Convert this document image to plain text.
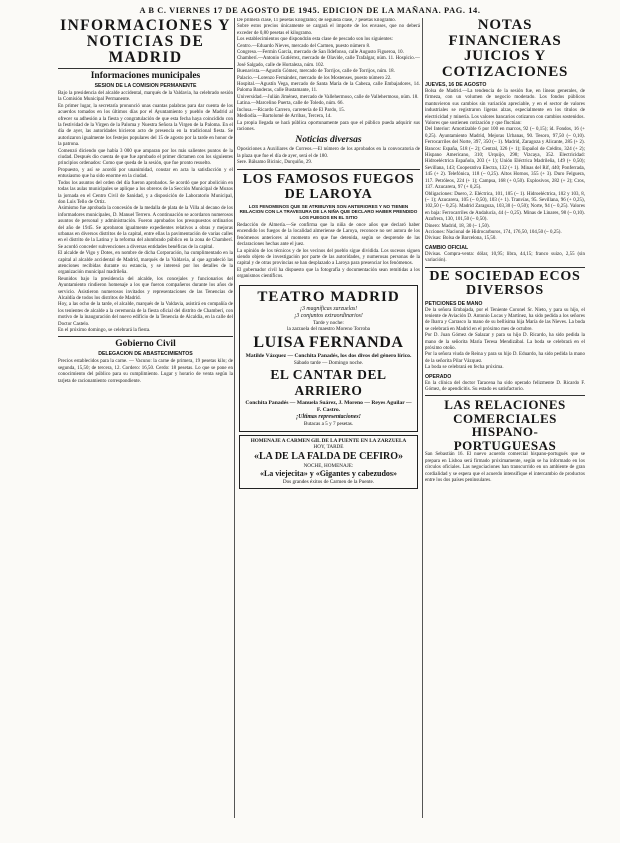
A B C. VIERNES 17 DE AGOSTO DE 1945. EDICION DE LA MAÑANA. PAG. 14.
INFORMACIONES Y NOTICIAS DE MADRID
Informaciones municipales
SESION DE LA COMISION PERMANENTE

Bajo la presidencia del alcalde accidental, marqués de la Valdavia, ha celebrado sesión la Comisión Municipal Permanente.

En primer lugar, la secretaría pronunció unas cuantas palabras para dar cuenta de los acuerdos tomados en los últimos días por el Ayuntamiento y pueblo de Madrid al ofrecer su adhesión a la fiesta y congratulación de que esta fecha haya coincidido con la festividad de la Virgen de la Paloma y Nuestra Señora la Virgen de la Paloma. En el día de ayer, las autoridades hicieron acto de presencia en la tradicional fiesta. Se autorizaron igualmente los festejos populares del 15 de agosto por la tarde en honor de la patrona.

Comenzó diciendo que había 3 000 que amparan por los más salientes puntos de la ciudad. Después dio cuenta de que fue aprobado el primer dictamen con los siguientes principios ordenados: Como que queda de la sesión, que fue pronto resuelto.

Propuesto, y así se acordó por unanimidad, constar en acta la satisfacción y el entusiasmo que ha sido enorme en la ciudad.

Todos los asuntos del orden del día fueron aprobados. Se acordó que por abolición en todas las aulas municipales se aplique a los obreros de la Sección Municipal de Mozos la jornada en el Centro Civil de Sanidad, y a disposición de Laboratorio Municipal, don Luis Tello de Ortiz.

Asimismo fue aprobada la concesión de la medalla de plata de la Villa al decano de los informadores municipales, D. Manuel Terrero. A continuación se acordaron numerosos asuntos de personal y administración. Fueron aprobados los presupuestos ordinarios del año de 1945. Se aprobaron igualmente expedientes relativos a obras y mejoras urbanas en diversos distritos de la capital, entre ellas la pavimentación de varias calles en el distrito de la Latina y la reforma del alumbrado público en la zona de Chamberí. Se acordó conceder subvenciones a diversas entidades benéficas de la capital.

El alcalde de Vigo y Dotes, en nombre de dicha Corporación, ha cumplimentado en la capital al alcalde accidental de Madrid, marqués de la Valdavia, al que agradeció las atenciones recibidas durante su estancia, y se interesó por los detalles de la organización municipal madrileña.

Reunidos bajo la presidencia del alcalde, los concejales y funcionarios del Ayuntamiento rindieron homenaje a los que fueron compañeros durante los años de servicio. Asistieron numerosos invitados y representaciones de las Tenencias de Alcaldía de todos los distritos de Madrid.

Hoy, a las ocho de la tarde, el alcalde, marqués de la Valdavia, asistirá en compañía de los tenientes de alcalde a la ceremonia de la fiesta oficial del distrito de Chamberí, con motivo de la inauguración del nuevo edificio de la Tenencia de Alcaldía, en la calle del Doctor Castelo.

En el próximo domingo, se celebrará la fiesta.

Gobierno Civil
DELEGACION DE ABASTECIMIENTOS

Precios establecidos para la carne. — Vacuno: la carne de primera, 19 pesetas kilo; de segunda, 15,50; de tercera, 12. Cordero: 16,50. Cerdo: 18 pesetas. Lo que se pone en conocimiento del público para su cumplimiento. Lugar y horario de venta según la tarjeta de racionamiento correspondiente.

De primera clase, 11 pesetas kilogramo; de segunda clase, 7 pesetas kilogramo.

Sobre estos precios únicamente se cargará el importe de los envases, que no deberá exceder de 0,80 pesetas el kilogramo.

Los establecimientos que dispondrán esta clase de pescado son los siguientes:

Centro.—Eduardo Nieves, mercado del Carmen, puesto número 8.

Congreso.—Fermín García, mercado de San Ildefonso, calle Augusto Figueroa, 10.

Chamberí.—Antonio Gutiérrez, mercado de Olavide, calle Trafalgar, núm. 11. Hospicio.—José Salgado, calle de Hortaleza, núm. 102.

Buenavista.—Agustín Gómez, mercado de Torrijos, calle de Torrijos, núm. 18.

Palacio.—Lorenzo Fernández, mercado de los Mostenses, puesto número 22.

Hospital.—Agustín Vega, mercado de Santa María de la Cabeza, calle Embajadores, 14. Paloma Banderas, calle Bustamante, 11.

Universidad.—Julián Jiménez, mercado de Vallehermoso, calle de Vallehermoso, núm. 18.

Latina.—Marcelino Puerta, calle de Toledo, núm. 66.

Inclusa.—Ricardo Carrero, carretería de El Pardo, 15.

Mediodía.—Bartolomé de Arribas, Tercera, 14.

La propia llegada se hará pública oportunamente para que el público pueda adquirir sus raciones.

Noticias diversas

Oposiciones a Auxiliares de Correos.—El número de los aprobados en la convocatoria de la plaza que fue el día de ayer, será el de 180.

Sere. Bálsamo Bicinic, Durquiño, 29.

LOS FAMOSOS FUEGOS DE LAROYA
LOS FENOMENOS QUE SE ATRIBUYEN SON ANTERIORES Y NO TIENEN RELACION CON LA TRAVESURA DE LA NIÑA QUE DECLARO HABER PRENDIDO LOS FUEGOS EN EL SITIO

Redacción de Almería.—Se confirma que la niña de once años que declaró haber encendido los fuegos de la localidad almeriense de Laroya, reconoce no ser autora de los fenómenos anteriores al momento en que fue detenida, según se desprende de las declaraciones hechas ante el juez.

La opinión de los técnicos y de los vecinos del pueblo sigue dividida. Los sucesos siguen siendo objeto de investigación por parte de las autoridades, y numerosas personas de la capital y de otras provincias se han desplazado a Laroya para presenciar los fenómenos.

El gobernador civil ha dispuesto que la fotografía y documentación sean remitidas a los organismos científicos.

TEATRO MADRID
¡3 magníficas zarzuelas!
¡3 conjuntos extraordinarios!
Tarde y noche:
la zarzuela del maestro Moreno Torroba
LUISA FERNANDA
Matilde Vázquez — Conchita Panadés, los dos divos del género lírico.
Sábado tarde — Domingo noche.
EL CANTAR DEL ARRIERO
Conchita Panadés — Manuela Suárez, J. Moreno — Reyes Aguilar — F. Castro.
¡Ultimas representaciones!
Butacas a 5 y 7 pesetas.
HOMENAJE A CARMEN GIL DE LA PUENTE EN LA ZARZUELA
HOY, TARDE
«LA DE LA FALDA DE CEFIRO»
NOCHE, HOMENAJE:
«La viejecita» y «Gigantes y cabezudos»
Dos grandes éxitos de Carmen de la Puente.
NOTAS FINANCIERAS JUICIOS Y COTIZACIONES
JUEVES, 16 DE AGOSTO

Bolsa de Madrid.—La tendencia de la sesión fue, en líneas generales, de firmeza, con un volumen de negocio moderado. Los fondos públicos mantuvieron sus cambios sin variación apreciable, y en el sector de valores industriales se registraron ligeras alzas, especialmente en los títulos de electricidad y minería. Los valores bancarios cotizaron con cambios sostenidos.

Valores que sostienen cotización y que fluctúan:

Del Interior: Amortizable 6 por 100 en marcos, 92 (~ 0,15); íd. Fondos, 16 (+ 0,25). Ayuntamiento Madrid, Mejoras Urbanas, 90. Tesoro, 97,50 (~ 0,10). Ferrocarriles del Norte, 397, 350 (~ 1). Madrid, Zaragoza y Alicante, 285 (+ 2). Bancos: España, 518 (~ 2); Central, 326 (+ 1); Español de Crédito, 324 (+ 2); Hispano Americano, 310; Urquijo, 298; Vizcaya, 352. Electricidad: Hidroeléctrica Española, 203 (+ 1); Unión Eléctrica Madrileña, 149 (+ 0,50); Sevillana, 143; Cooperativa Electra, 132 (+ 1). Minas del Rif, 440; Ponferrada, 145 (+ 2). Telefónica, 118 (~ 0,25). Altos Hornos, 355 (+ 3). Duro Felguera, 117. Petróleos, 224 (+ 1); Campsa, 168 (+ 0,50). Explosivos, 282 (+ 2); Cros, 137. Azucarera, 97 (+ 0,25).

Obligaciones: Duero, 2. Eléctrica, 101, 105 (~ 1). Hidroeléctrica, 102 y 103, 8, (~ 1); Azucarera, 105 (~ 0,50), 103 (+ 1). Tranvías, 95. Sevillana, 96 (+ 0,25), 102,50 (~ 0,25). Madrid Zaragoza, 103,30 (~ 0,50); Norte, 94 (~ 0,25). Valores en baja: Ferrocarriles de Andalucía, 44 (~ 0,25). Minas de Linares, 98 (~ 0,10). Azufrera, 130, 101,50 (~ 0,50).

Dinero: Madrid, 18, 30 (~ 1,50).

Acciones: Nacional de Hidrocarburos, 174, 176,50, 104,50 (~ 0,25).

Divisas: Bolsa de Barcelona, 15,50.

CAMBIO OFICIAL

Divisas. Compra-venta: dólar, 10,95; libra, 44,15; franco suizo, 2,55 (sin variación).

DE SOCIEDAD ECOS DIVERSOS
PETICIONES DE MANO

De la señora Embajada, por el Teniente Coronel Sr. Nieto, y para su hijo, el teniente de Aviación D. Antonio Lucas y Martínez, ha sido pedida a los señores de Ibarra y Carrasco la mano de su bellísima hija María de las Nieves. La boda se celebrará en Madrid en el próximo mes de octubre.

Por D. Juan Gómez de Salazar y para su hijo D. Ricardo, ha sido pedida la mano de la señorita María Teresa Mendizábal. La boda se celebrará en el próximo otoño.

Por la señora viuda de Reina y para su hijo D. Eduardo, ha sido pedida la mano de la señorita Pilar Vázquez.

La boda se celebrará en fecha próxima.

OPERADO

En la clínica del doctor Taracena ha sido operado felizmente D. Ricardo F. Gómez, de apendicitis. Su estado es satisfactorio.

LAS RELACIONES COMERCIALES HISPANO-PORTUGUESAS

San Sebastián 16. El nuevo acuerdo comercial hispano-portugués que se prepara en Lisboa será firmado próximamente, según se ha informado en los círculos oficiales. Las negociaciones han transcurrido en un ambiente de gran cordialidad y se espera que el acuerdo intensifique el intercambio de productos entre los dos países peninsulares.
